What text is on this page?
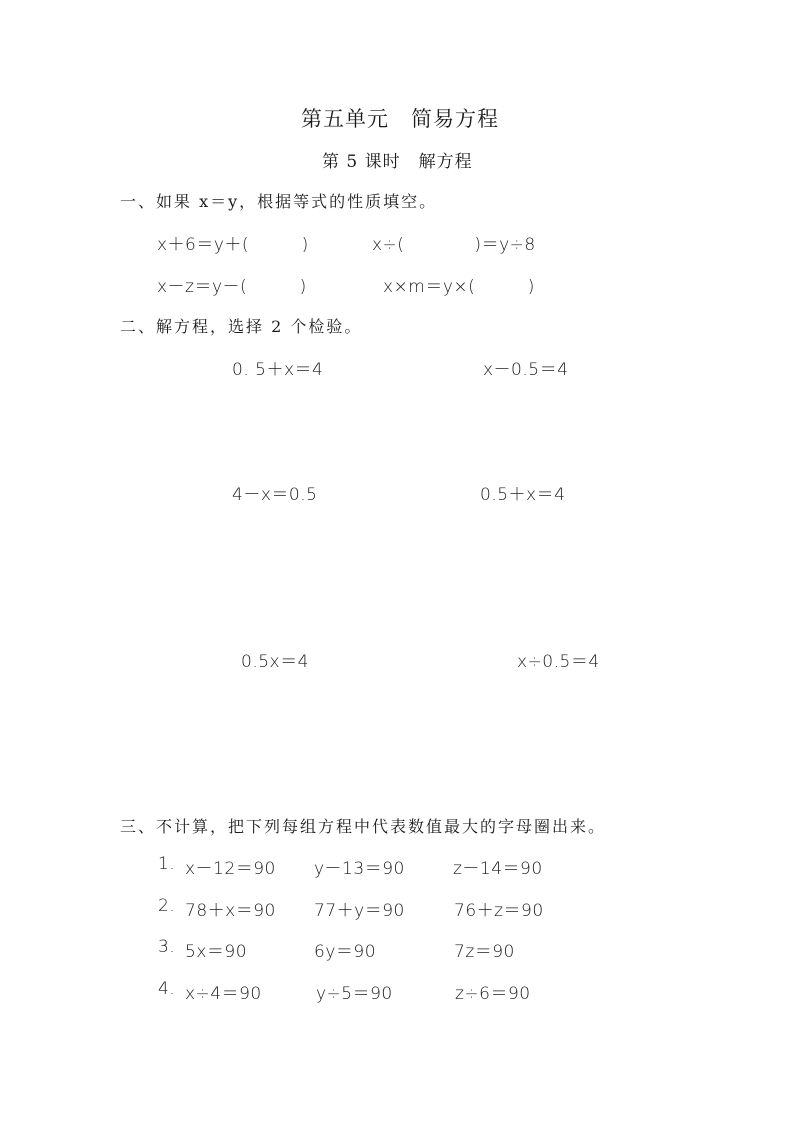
第五单元　简易方程
第 5 课时　解方程
一、如果 x＝y，根据等式的性质填空。
x＋6＝y＋(　　　)	x÷(　　　　)＝y÷8
x－z＝y－(　　　)	x×m＝y×(　　　)
二、解方程，选择 2 个检验。
0. 5＋x＝4	x－0.5＝4
4－x＝0.5	0.5＋x＝4
0.5x＝4	x÷0.5＝4
三、不计算，把下列每组方程中代表数值最大的字母圈出来。
1. x－12＝90 y－13＝90	z－14＝90
2. 78＋x＝90 77＋y＝90	76＋z＝90
3. 5x＝90	6y＝90	7z＝90
4. x÷4＝90	y÷5＝90	z÷6＝90
